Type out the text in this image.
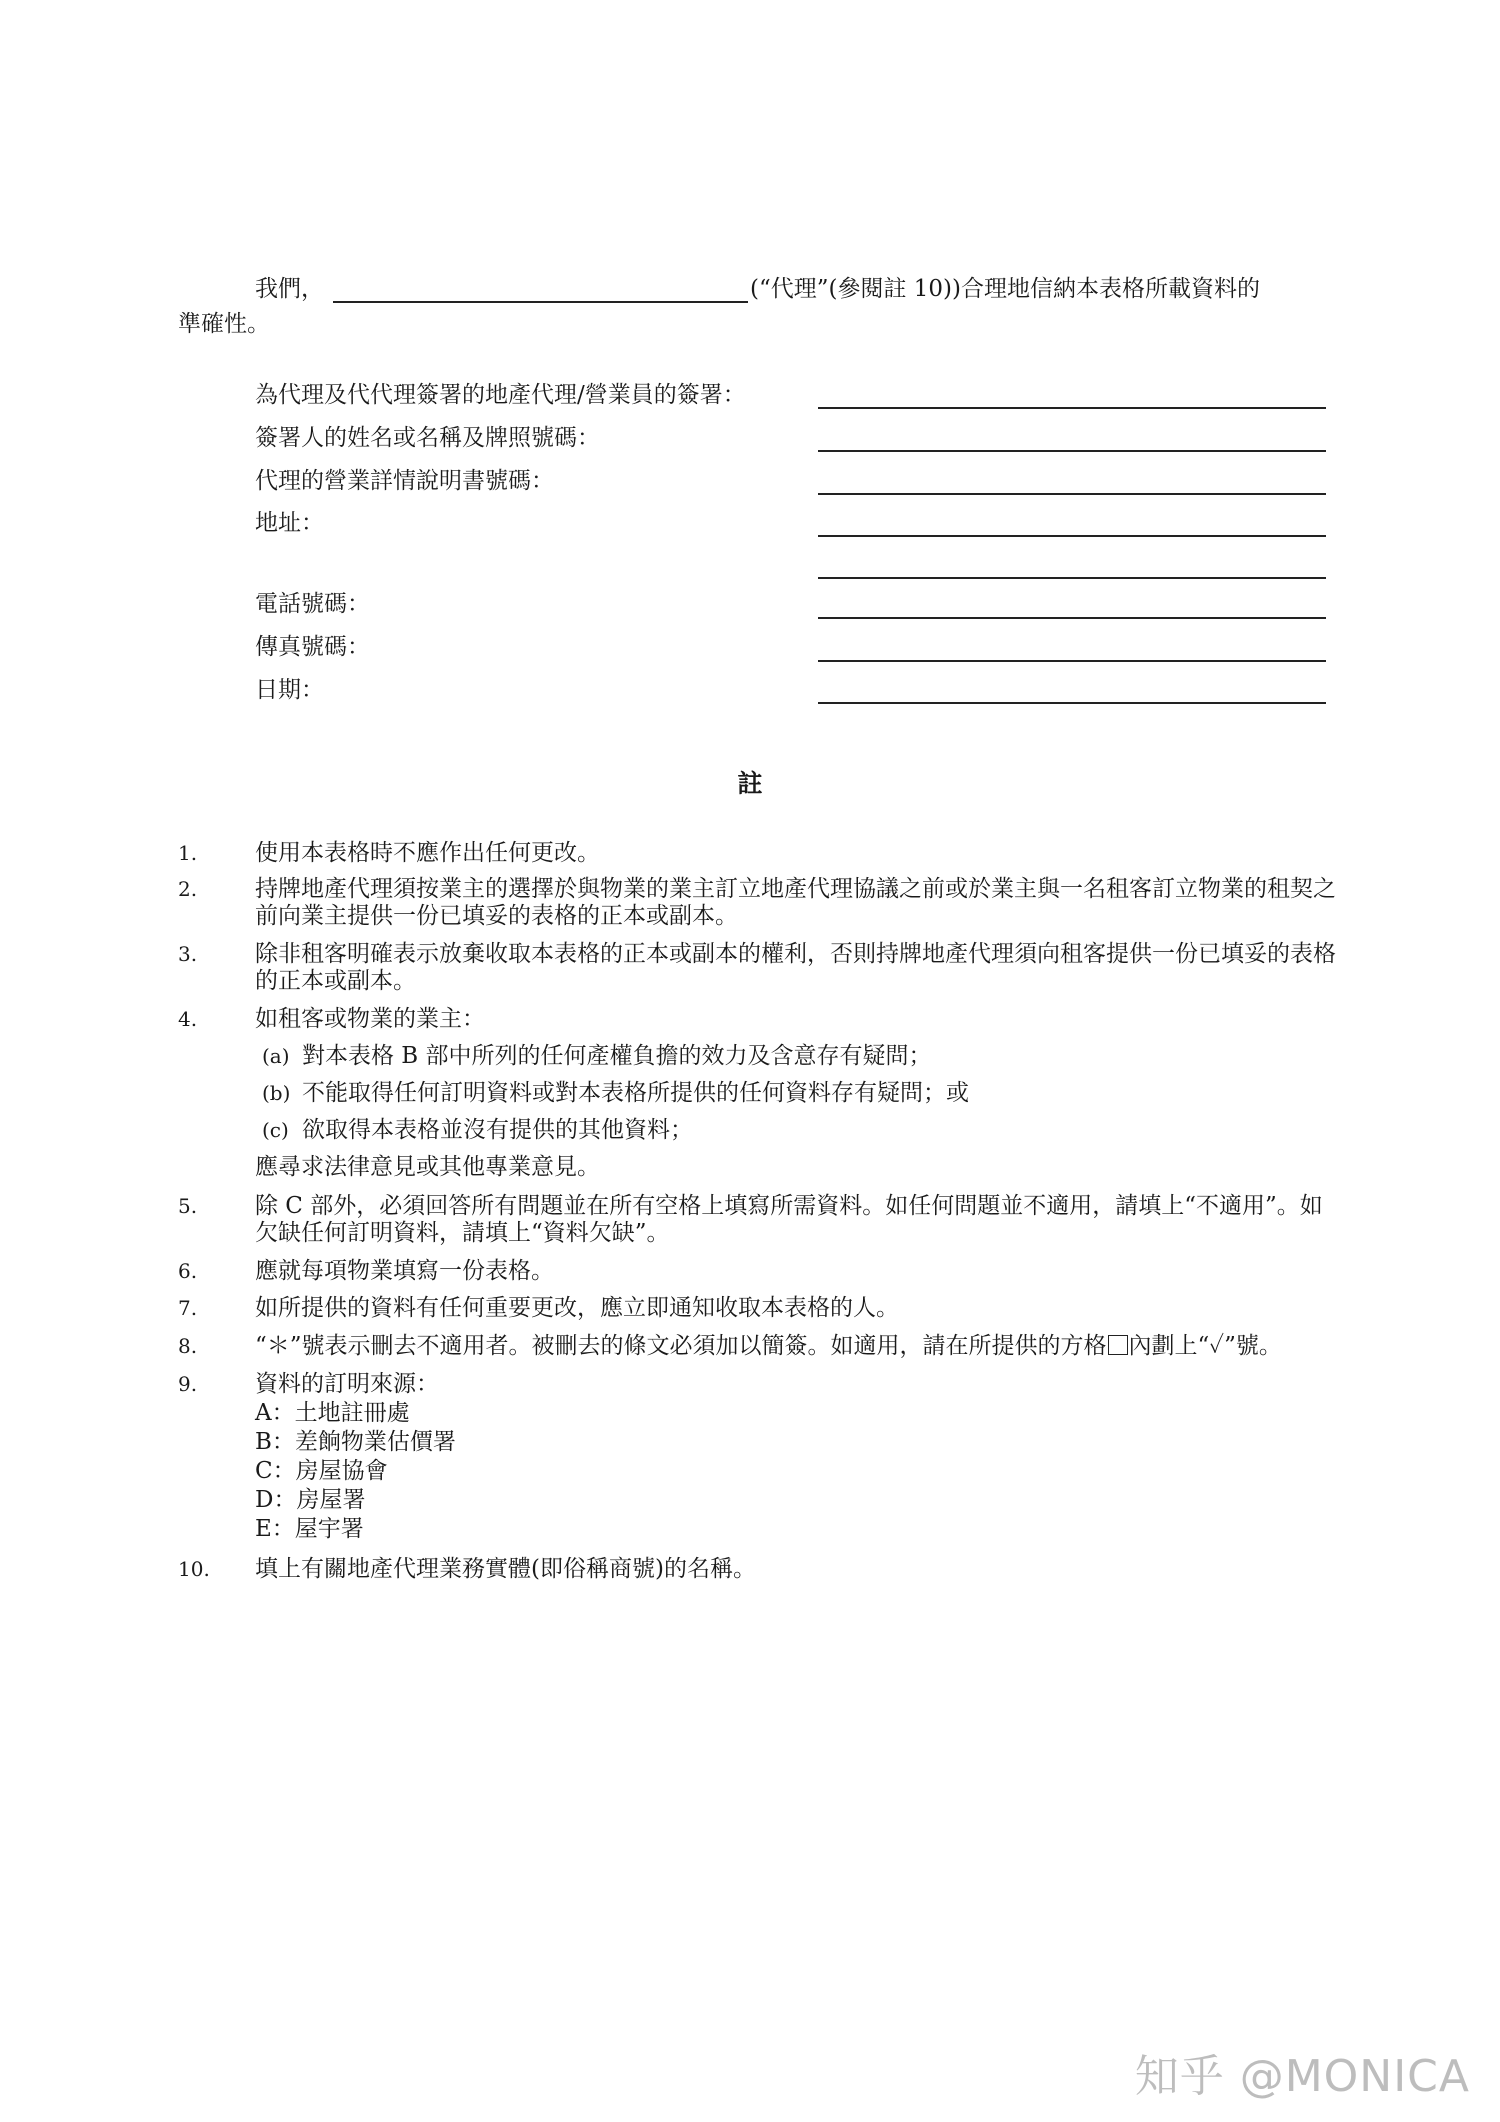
我們，	(“代理”(參閱註 10))合理地信納本表格所載資料的
準確性。
為代理及代代理簽署的地產代理/營業員的簽署：
簽署人的姓名或名稱及牌照號碼：
代理的營業詳情說明書號碼：
地址：
電話號碼：
傳真號碼：
日期：
註
1.	使用本表格時不應作出任何更改。
2.	持牌地產代理須按業主的選擇於與物業的業主訂立地產代理協議之前或於業主與一名租客訂立物業的租契之
前向業主提供一份已填妥的表格的正本或副本。
3.	除非租客明確表示放棄收取本表格的正本或副本的權利，否則持牌地產代理須向租客提供一份已填妥的表格
的正本或副本。
4.	如租客或物業的業主：
(a) 對本表格 B 部中所列的任何產權負擔的效力及含意存有疑問；
(b) 不能取得任何訂明資料或對本表格所提供的任何資料存有疑問；或
(c) 欲取得本表格並沒有提供的其他資料；
應尋求法律意見或其他專業意見。
5.	除 C 部外，必須回答所有問題並在所有空格上填寫所需資料。如任何問題並不適用，請填上“不適用”。如
欠缺任何訂明資料，請填上“資料欠缺”。
6.	應就每項物業填寫一份表格。
7.	如所提供的資料有任何重要更改，應立即通知收取本表格的人。
8.	“＊”號表示刪去不適用者。被刪去的條文必須加以簡簽。如適用，請在所提供的方格 內劃上“✓”號。
9.	資料的訂明來源：
A：土地註冊處
B：差餉物業估價署
C：房屋協會
D：房屋署
E：屋宇署
10. 填上有關地產代理業務實體(即俗稱商號)的名稱。
知乎 @MONICA
